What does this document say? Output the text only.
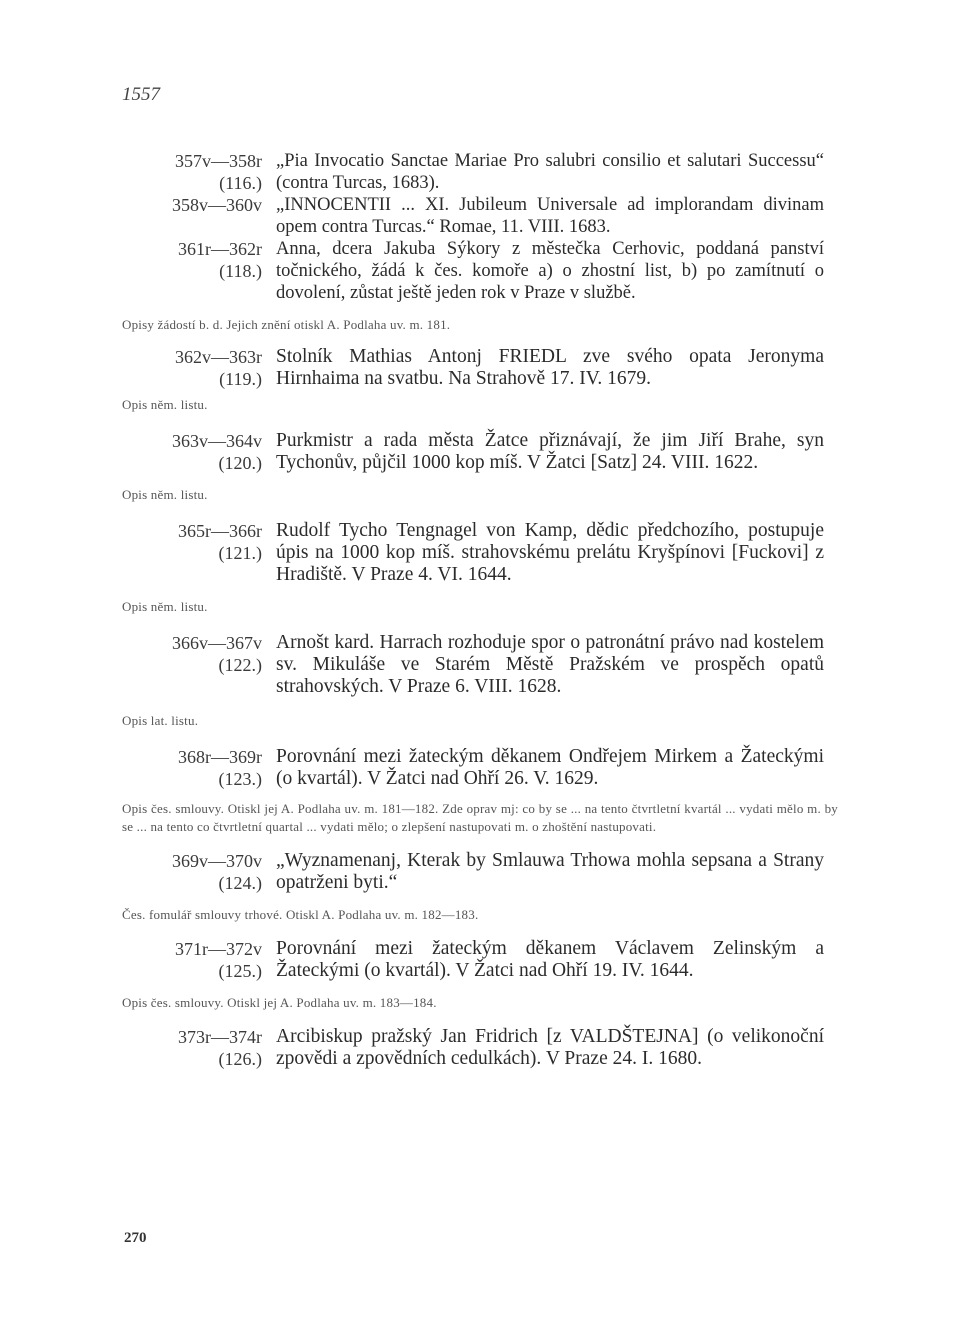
1557
357v—358r
(116.)
„Pia Invocatio Sanctae Mariae Pro salubri consilio et salutari Successu“ (contra Turcas, 1683).
358v—360v „INNOCENTII ... XI. Jubileum Universale ad implorandam divinam opem contra Turcas.“ Romae, 11. VIII. 1683.
361r—362r
(118.)
Anna, dcera Jakuba Sýkory z městečka Cerhovic, poddaná panství točnického, žádá k čes. komoře a) o zhostní list, b) po zamítnutí o dovolení, zůstat ještě jeden rok v Praze v službě.
Opisy žádostí b. d. Jejich znění otiskl A. Podlaha uv. m. 181.
362v—363r
(119.)
Stolník Mathias Antonj FRIEDL zve svého opata Jeronyma Hirnhaima na svatbu. Na Strahově 17. IV. 1679.
Opis něm. listu.
363v—364v
(120.)
Purkmistr a rada města Žatce přiznávají, že jim Jiří Brahe, syn Tychonův, půjčil 1000 kop míš. V Žatci [Satz] 24. VIII. 1622.
Opis něm. listu.
365r—366r
(121.)
Rudolf Tycho Tengnagel von Kamp, dědic předchozího, postupuje úpis na 1000 kop míš. strahovskému prelátu Kryšpínovi [Fuckovi] z Hradiště. V Praze 4. VI. 1644.
Opis něm. listu.
366v—367v
(122.)
Arnošt kard. Harrach rozhoduje spor o patronátní právo nad kostelem sv. Mikuláše ve Starém Městě Pražském ve prospěch opatů strahovských. V Praze 6. VIII. 1628.
Opis lat. listu.
368r—369r
(123.)
Porovnání mezi žateckým děkanem Ondřejem Mirkem a Žateckými (o kvartál). V Žatci nad Ohří 26. V. 1629.
Opis čes. smlouvy. Otiskl jej A. Podlaha uv. m. 181—182. Zde oprav mj: co by se ... na tento čtvrtletní kvartál ... vydati mělo m. by se ... na tento co čtvrtletní quartal ... vydati mělo; o zlepšení nastupovati m. o zhoštění nastupovati.
369v—370v
(124.)
„Wyznamenanj, Kterak by Smlauwa Trhowa mohla sepsana a Strany opatrženi byti.“
Čes. fomulář smlouvy trhové. Otiskl A. Podlaha uv. m. 182—183.
371r—372v
(125.)
Porovnání mezi žateckým děkanem Václavem Zelinským a Žateckými (o kvartál). V Žatci nad Ohří 19. IV. 1644.
Opis čes. smlouvy. Otiskl jej A. Podlaha uv. m. 183—184.
373r—374r
(126.)
Arcibiskup pražský Jan Fridrich [z VALDŠTEJNA] (o velikonoční zpovědi a zpovědních cedulkách). V Praze 24. I. 1680.
270
